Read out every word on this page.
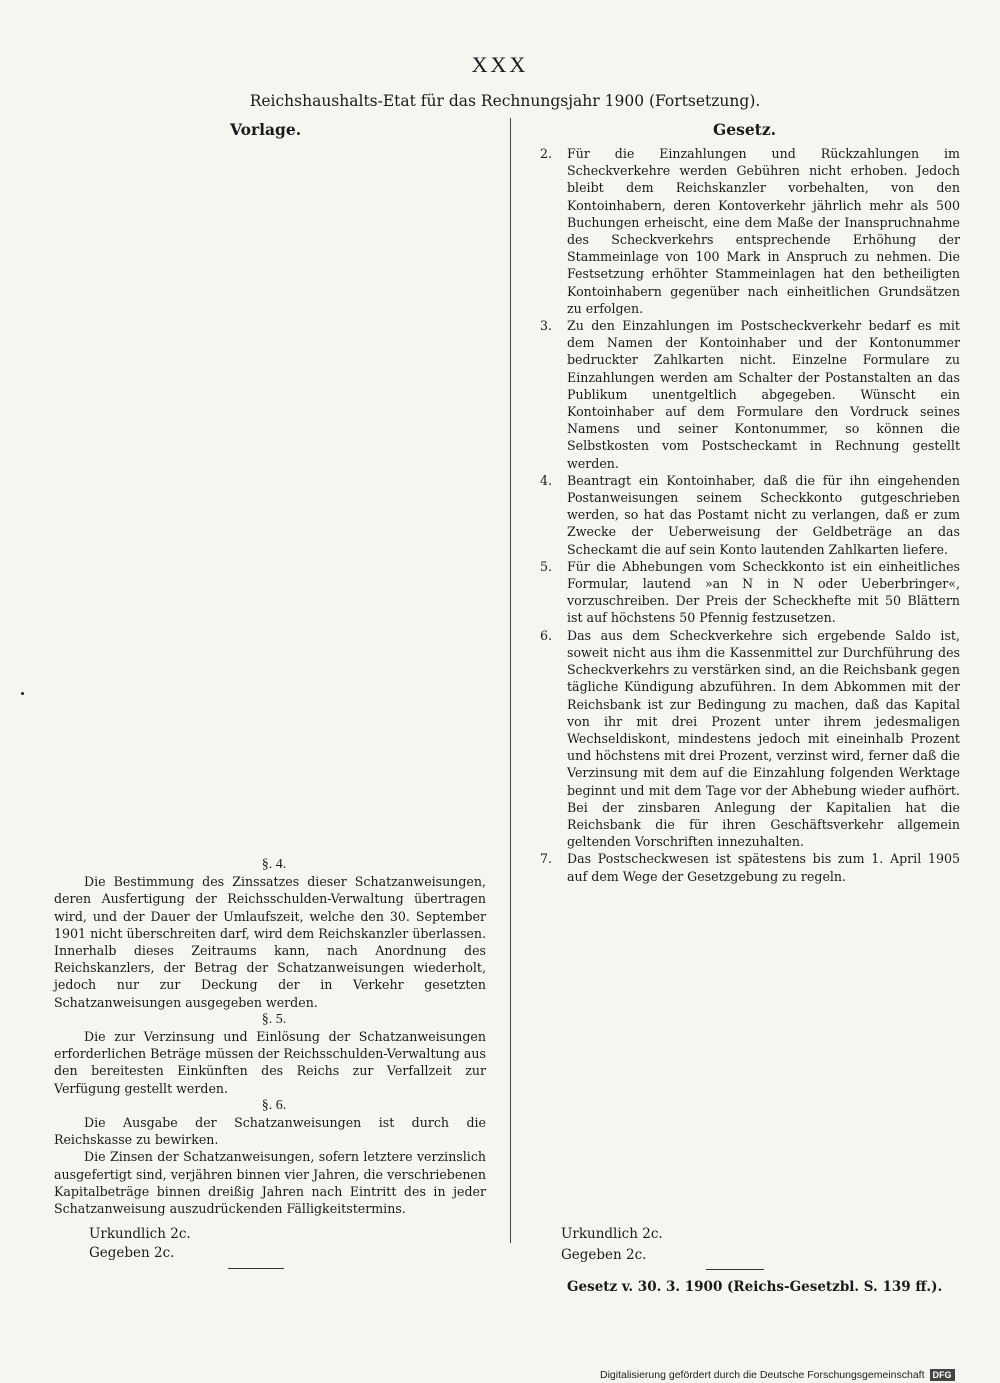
XXX
Reichshaushalts-Etat für das Rechnungsjahr 1900 (Fortsetzung).
Vorlage.	Gesetz.
2.	Für die Einzahlungen und Rückzahlungen im Scheckverkehre werden Gebühren nicht erhoben. Jedoch bleibt dem Reichskanzler vorbehalten, von den Kontoinhabern, deren Kontoverkehr jährlich mehr als 500 Buchungen erheischt, eine dem Maße der Inanspruchnahme des Scheckverkehrs entsprechende Erhöhung der Stammeinlage von 100 Mark in Anspruch zu nehmen. Die Festsetzung erhöhter Stammeinlagen hat den betheiligten Kontoinhabern gegenüber nach einheitlichen Grundsätzen zu erfolgen.
3.	Zu den Einzahlungen im Postscheckverkehr bedarf es mit dem Namen der Kontoinhaber und der Kontonummer bedruckter Zahlkarten nicht. Einzelne Formulare zu Einzahlungen werden am Schalter der Postanstalten an das Publikum unentgeltlich abgegeben. Wünscht ein Kontoinhaber auf dem Formulare den Vordruck seines Namens und seiner Kontonummer, so können die Selbstkosten vom Postscheckamt in Rechnung gestellt werden.
4.	Beantragt ein Kontoinhaber, daß die für ihn eingehenden Postanweisungen seinem Scheckkonto gutgeschrieben werden, so hat das Postamt nicht zu verlangen, daß er zum Zwecke der Ueberweisung der Geldbeträge an das Scheckamt die auf sein Konto lautenden Zahlkarten liefere.
5.	Für die Abhebungen vom Scheckkonto ist ein einheitliches Formular, lautend »an N in N oder Ueberbringer«, vorzuschreiben. Der Preis der Scheckhefte mit 50 Blättern ist auf höchstens 50 Pfennig festzusetzen.
6.	Das aus dem Scheckverkehre sich ergebende Saldo ist, soweit nicht aus ihm die Kassenmittel zur Durchführung des Scheckverkehrs zu verstärken sind, an die Reichsbank gegen tägliche Kündigung abzuführen. In dem Abkommen mit der Reichsbank ist zur Bedingung zu machen, daß das Kapital von ihr mit drei Prozent unter ihrem jedesmaligen Wechseldiskont, mindestens jedoch mit eineinhalb Prozent und höchstens mit drei Prozent, verzinst wird, ferner daß die Verzinsung mit dem auf die Einzahlung folgenden Werktage beginnt und mit dem Tage vor der Abhebung wieder aufhört. Bei der zinsbaren Anlegung der Kapitalien hat die Reichsbank die für ihren Geschäftsverkehr allgemein geltenden Vorschriften innezuhalten.
7.	Das Postscheckwesen ist spätestens bis zum 1. April 1905 auf dem Wege der Gesetzgebung zu regeln.

§. 4.

Die Bestimmung des Zinssatzes dieser Schatzanweisungen, deren Ausfertigung der Reichsschulden-Verwaltung übertragen wird, und der Dauer der Umlaufszeit, welche den 30. September 1901 nicht überschreiten darf, wird dem Reichskanzler überlassen. Innerhalb dieses Zeitraums kann, nach Anordnung des Reichskanzlers, der Betrag der Schatzanweisungen wiederholt, jedoch nur zur Deckung der in Verkehr gesetzten Schatzanweisungen ausgegeben werden.

§. 5.

Die zur Verzinsung und Einlösung der Schatzanweisungen erforderlichen Beträge müssen der Reichsschulden-Verwaltung aus den bereitesten Einkünften des Reichs zur Verfallzeit zur Verfügung gestellt werden.

§. 6.

Die Ausgabe der Schatzanweisungen ist durch die Reichskasse zu bewirken.

Die Zinsen der Schatzanweisungen, sofern letztere verzinslich ausgefertigt sind, verjähren binnen vier Jahren, die verschriebenen Kapitalbeträge binnen dreißig Jahren nach Eintritt des in jeder Schatzanweisung auszudrückenden Fälligkeitstermins.

Urkundlich 2c.
Gegeben 2c.
Urkundlich 2c.
Gegeben 2c.
Gesetz v. 30. 3. 1900 (Reichs-Gesetzbl. S. 139 ff.).
Digitalisierung gefördert durch die Deutsche Forschungsgemeinschaft DFG
